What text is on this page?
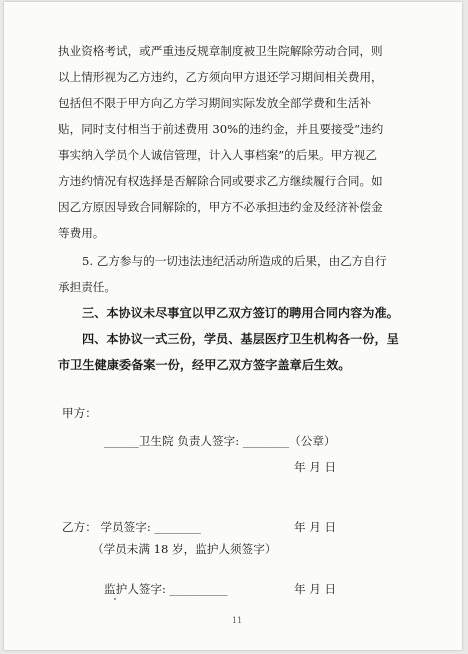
执业资格考试，或严重违反规章制度被卫生院解除劳动合同，则
以上情形视为乙方违约，乙方须向甲方退还学习期间相关费用，
包括但不限于甲方向乙方学习期间实际发放全部学费和生活补
贴，同时支付相当于前述费用 30%的违约金，并且要接受“违约
事实纳入学员个人诚信管理，计入人事档案”的后果。甲方视乙
方违约情况有权选择是否解除合同或要求乙方继续履行合同。如
因乙方原因导致合同解除的，甲方不必承担违约金及经济补偿金
等费用。
5. 乙方参与的一切违法违纪活动所造成的后果，由乙方自行
承担责任。
三、本协议未尽事宜以甲乙双方签订的聘用合同内容为准。
四、本协议一式三份，学员、基层医疗卫生机构各一份，呈
市卫生健康委备案一份，经甲乙双方签字盖章后生效。
甲方：
______卫生院 负责人签字: ________（公章）
年 月 日
乙方： 学员签字: ________	年 月 日
（学员未满 18 岁，监护人须签字）
监护人签字: __________	年 月 日
11
